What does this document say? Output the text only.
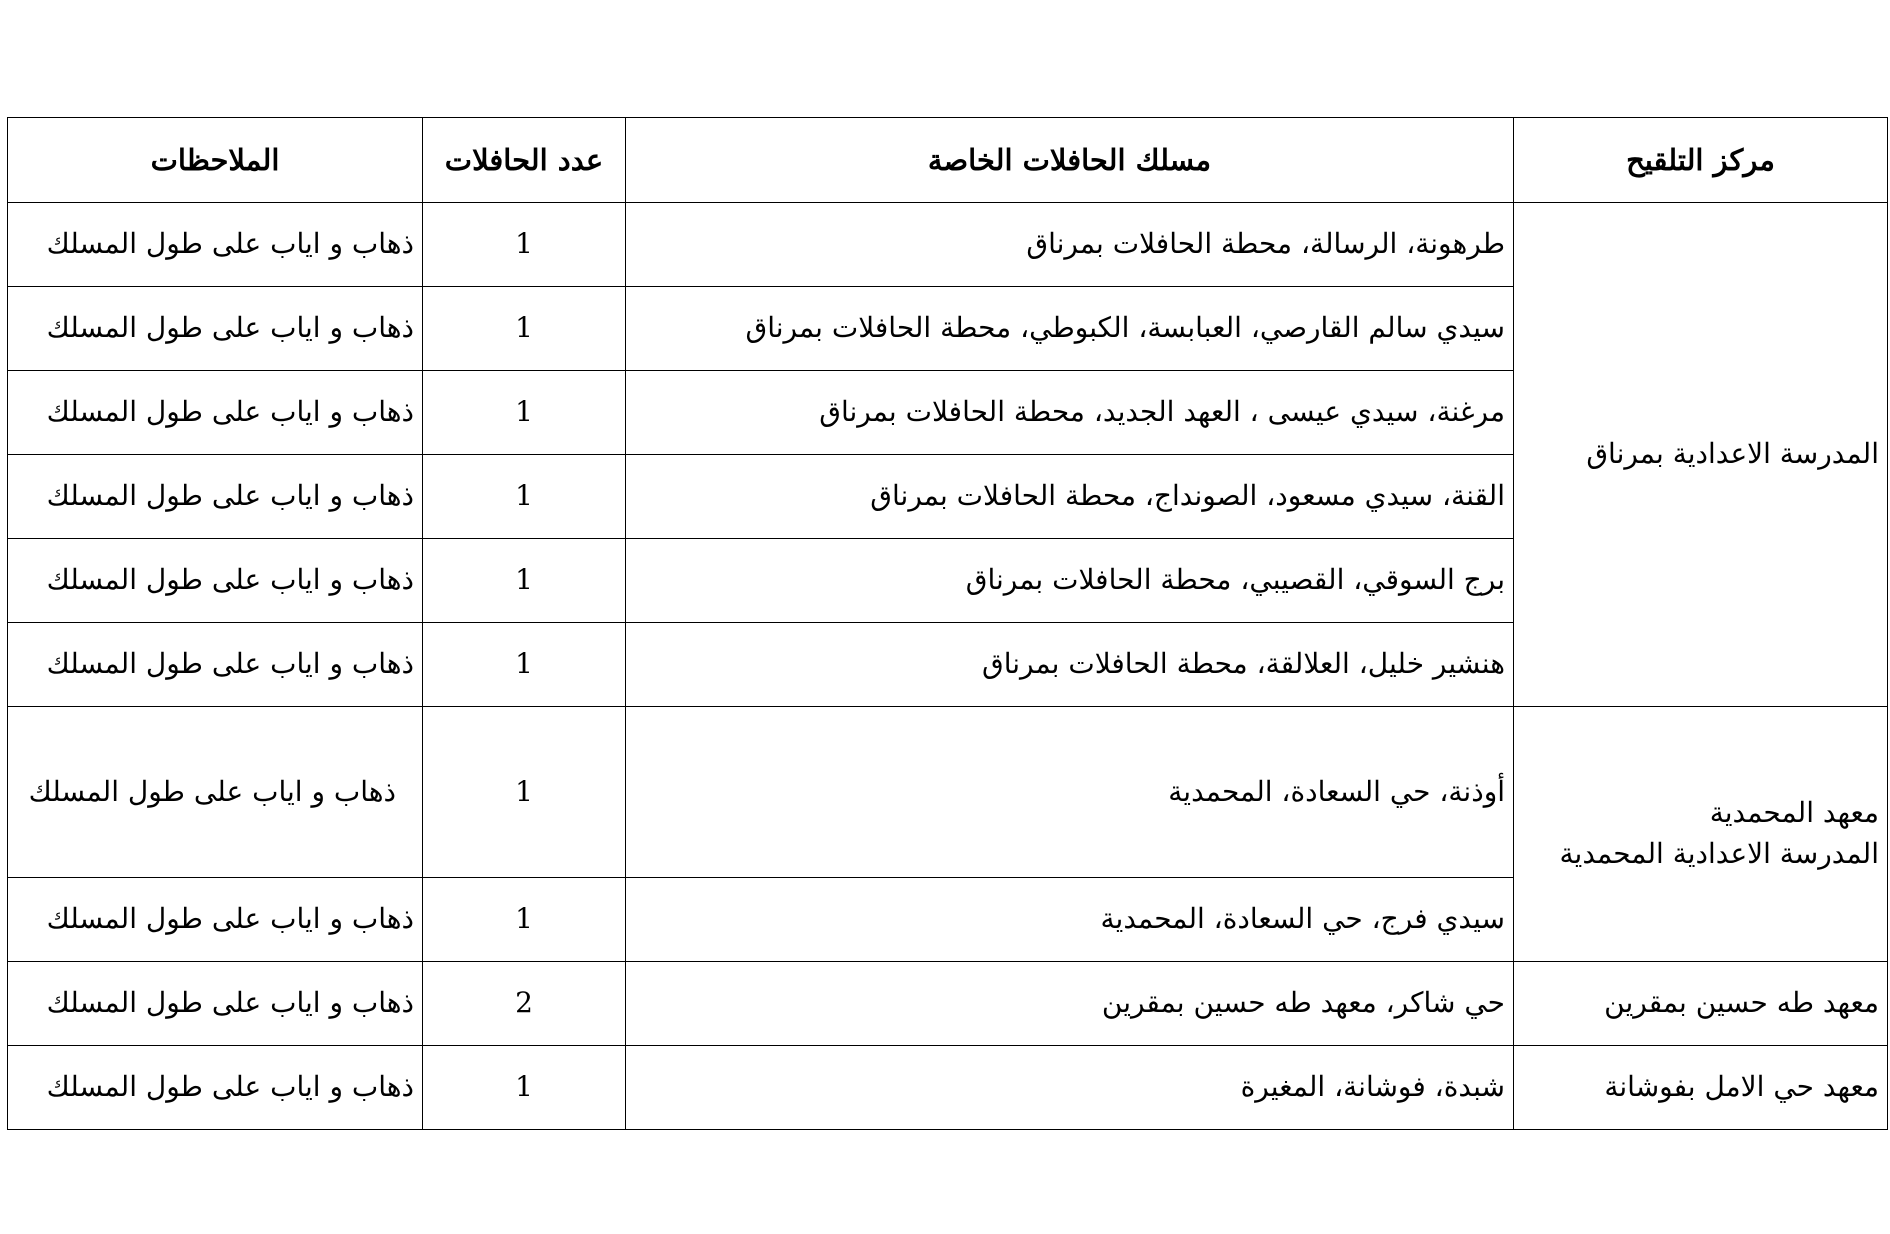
مركز التلقيح	مسلك الحافلات الخاصة	عدد الحافلات	الملاحظات

المدرسة الاعدادية بمرناق	طرهونة، الرسالة، محطة الحافلات بمرناق	1	ذهاب و اياب على طول المسلك
	سيدي سالم القارصي، العبابسة، الكبوطي، محطة الحافلات بمرناق	1	ذهاب و اياب على طول المسلك
	مرغنة، سيدي عيسى ، العهد الجديد، محطة الحافلات بمرناق	1	ذهاب و اياب على طول المسلك
	القنة، سيدي مسعود، الصونداج، محطة الحافلات بمرناق	1	ذهاب و اياب على طول المسلك
	برج السوقي، القصيبي، محطة الحافلات بمرناق	1	ذهاب و اياب على طول المسلك
	هنشير خليل، العلالقة، محطة الحافلات بمرناق	1	ذهاب و اياب على طول المسلك

معهد المحمدية
المدرسة الاعدادية المحمدية	أوذنة، حي السعادة، المحمدية	1	ذهاب و اياب على طول المسلك
	سيدي فرج، حي السعادة، المحمدية	1	ذهاب و اياب على طول المسلك

معهد طه حسين بمقرين	حي شاكر، معهد طه حسين بمقرين	2	ذهاب و اياب على طول المسلك

معهد حي الامل بفوشانة	شبدة، فوشانة، المغيرة	1	ذهاب و اياب على طول المسلك
